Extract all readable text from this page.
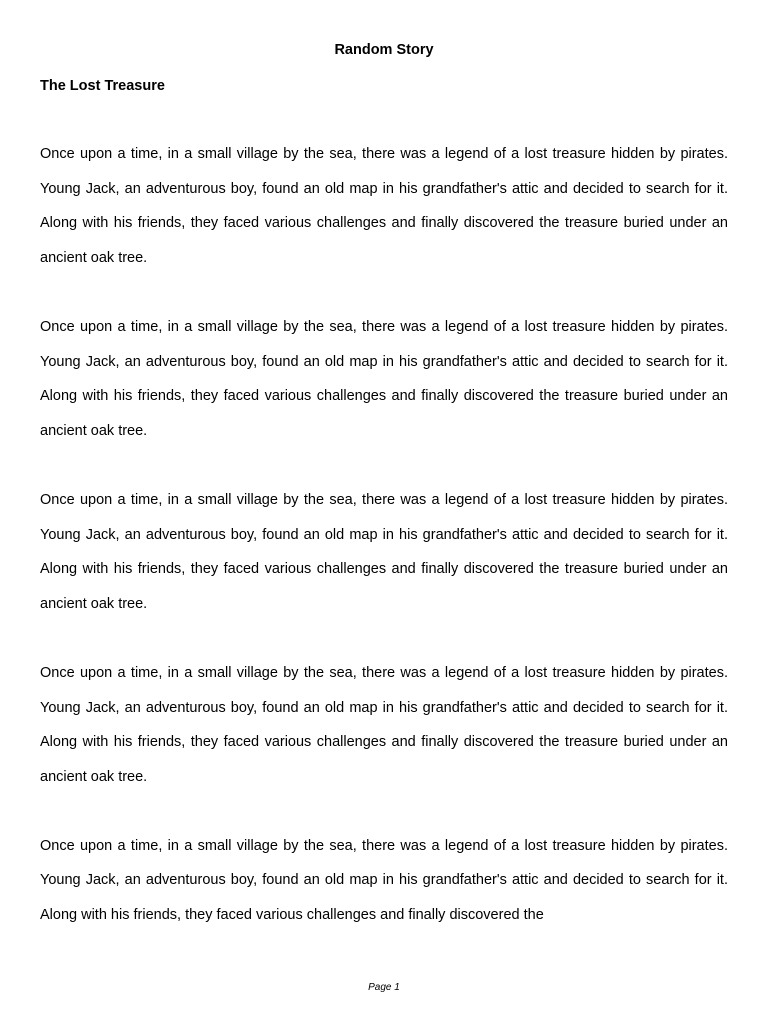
Random Story
The Lost Treasure

Once upon a time, in a small village by the sea, there was a legend of a lost treasure hidden by pirates. Young Jack, an adventurous boy, found an old map in his grandfather's attic and decided to search for it. Along with his friends, they faced various challenges and finally discovered the treasure buried under an ancient oak tree.

Once upon a time, in a small village by the sea, there was a legend of a lost treasure hidden by pirates. Young Jack, an adventurous boy, found an old map in his grandfather's attic and decided to search for it. Along with his friends, they faced various challenges and finally discovered the treasure buried under an ancient oak tree.

Once upon a time, in a small village by the sea, there was a legend of a lost treasure hidden by pirates. Young Jack, an adventurous boy, found an old map in his grandfather's attic and decided to search for it. Along with his friends, they faced various challenges and finally discovered the treasure buried under an ancient oak tree.

Once upon a time, in a small village by the sea, there was a legend of a lost treasure hidden by pirates. Young Jack, an adventurous boy, found an old map in his grandfather's attic and decided to search for it. Along with his friends, they faced various challenges and finally discovered the treasure buried under an ancient oak tree.

Once upon a time, in a small village by the sea, there was a legend of a lost treasure hidden by pirates. Young Jack, an adventurous boy, found an old map in his grandfather's attic and decided to search for it. Along with his friends, they faced various challenges and finally discovered the

Page 1
